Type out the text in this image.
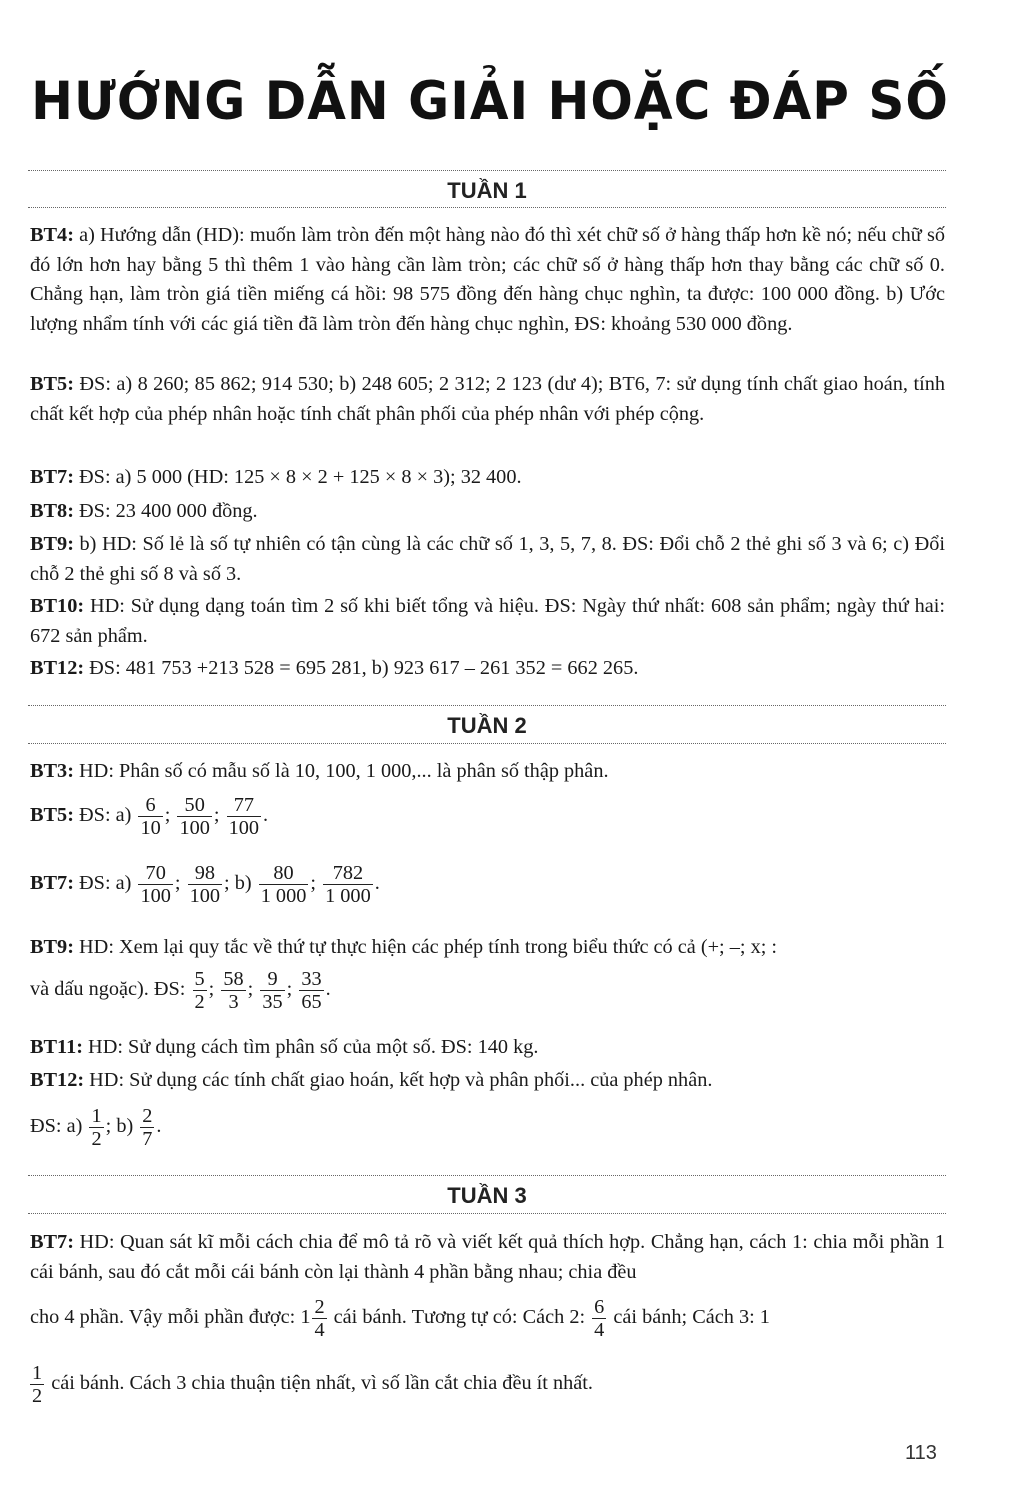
HƯỚNG DẪN GIẢI HOẶC ĐÁP SỐ
TUẦN 1
BT4: a) Hướng dẫn (HD): muốn làm tròn đến một hàng nào đó thì xét chữ số ở hàng thấp hơn kề nó; nếu chữ số đó lớn hơn hay bằng 5 thì thêm 1 vào hàng cần làm tròn; các chữ số ở hàng thấp hơn thay bằng các chữ số 0. Chẳng hạn, làm tròn giá tiền miếng cá hồi: 98 575 đồng đến hàng chục nghìn, ta được: 100 000 đồng. b) Ước lượng nhẩm tính với các giá tiền đã làm tròn đến hàng chục nghìn, ĐS: khoảng 530 000 đồng.
BT5: ĐS: a) 8 260; 85 862; 914 530; b) 248 605; 2 312; 2 123 (dư 4); BT6, 7: sử dụng tính chất giao hoán, tính chất kết hợp của phép nhân hoặc tính chất phân phối của phép nhân với phép cộng.
BT7: ĐS: a) 5 000 (HD: 125 × 8 × 2 + 125 × 8 × 3); 32 400.
BT8: ĐS: 23 400 000 đồng.
BT9: b) HD: Số lẻ là số tự nhiên có tận cùng là các chữ số 1, 3, 5, 7, 8. ĐS: Đổi chỗ 2 thẻ ghi số 3 và 6; c) Đổi chỗ 2 thẻ ghi số 8 và số 3.
BT10: HD: Sử dụng dạng toán tìm 2 số khi biết tổng và hiệu. ĐS: Ngày thứ nhất: 608 sản phẩm; ngày thứ hai: 672 sản phẩm.
BT12: ĐS: 481 753 +213 528 = 695 281, b) 923 617 – 261 352 = 662 265.
TUẦN 2
BT3: HD: Phân số có mẫu số là 10, 100, 1 000,... là phân số thập phân.
BT5: ĐS: $a) \frac{6}{10}$ ; $\frac{50}{100}$ ; $\frac{77}{100}$ .
BT7: ĐS: $a) \frac{70}{100}$ ; $\frac{98}{100}$ ; $b) \frac{80}{1 000}$ ; $\frac{782}{1 000}$ .
BT9: HD: Xem lại quy tắc về thứ tự thực hiện các phép tính trong biểu thức có cả (+; –; x; :
và dấu ngoặc). ĐS: $\frac{5}{2}$ ; $\frac{58}{3}$ ; $\frac{9}{35}$ ; $\frac{33}{65}$ .
BT11: HD: Sử dụng cách tìm phân số của một số. ĐS: 140 kg.
BT12: HD: Sử dụng các tính chất giao hoán, kết hợp và phân phối... của phép nhân.
ĐS: $a) \frac{1}{2}$ ; $b) \frac{2}{7}$ .
TUẦN 3
BT7: HD: Quan sát kĩ mỗi cách chia để mô tả rõ và viết kết quả thích hợp. Chẳng hạn, cách 1: chia mỗi phần 1 cái bánh, sau đó cắt mỗi cái bánh còn lại thành 4 phần bằng nhau; chia đều
cho 4 phần. Vậy mỗi phần được: $1 \frac{2}{4}$ cái bánh. Tương tự có: Cách 2: $\frac{6}{4}$ cái bánh; Cách 3: 1
$\frac{1}{2}$ cái bánh. Cách 3 chia thuận tiện nhất, vì số lần cắt chia đều ít nhất.
113
